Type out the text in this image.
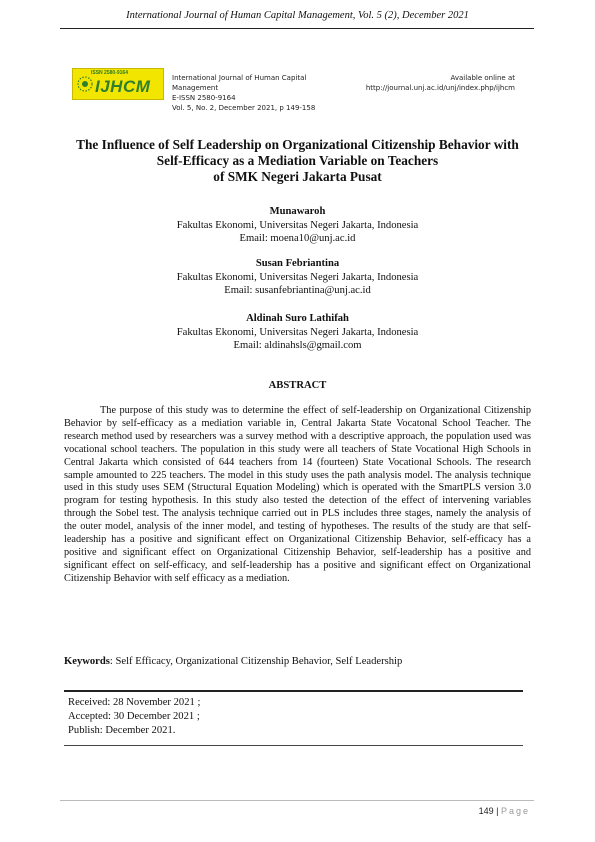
International Journal of Human Capital Management, Vol. 5 (2), December 2021
ISSN 2580-9164
IJHCM	International Journal of Human Capital
Management
E-ISSN 2580-9164
Vol. 5, No. 2, December 2021, p 149-158
Available online at
http://journal.unj.ac.id/unj/index.php/ijhcm
The Influence of Self Leadership on Organizational Citizenship Behavior with
Self-Efficacy as a Mediation Variable on Teachers
of SMK Negeri Jakarta Pusat
Munawaroh
Fakultas Ekonomi, Universitas Negeri Jakarta, Indonesia
Email: moena10@unj.ac.id
Susan Febriantina
Fakultas Ekonomi, Universitas Negeri Jakarta, Indonesia
Email: susanfebriantina@unj.ac.id
Aldinah Suro Lathifah
Fakultas Ekonomi, Universitas Negeri Jakarta, Indonesia
Email: aldinahsls@gmail.com
ABSTRACT
The purpose of this study was to determine the effect of self-leadership on Organizational Citizenship Behavior by self-efficacy as a mediation variable in, Central Jakarta State Vocatonal School Teacher. The research method used by researchers was a survey method with a descriptive approach, the population used was vocational school teachers. The population in this study were all teachers of State Vocational High Schools in Central Jakarta which consisted of 644 teachers from 14 (fourteen) State Vocational Schools. The research sample amounted to 225 teachers. The model in this study uses the path analysis model. The analysis technique used in this study uses SEM (Structural Equation Modeling) which is operated with the SmartPLS version 3.0 program for testing hypothesis. In this study also tested the detection of the effect of intervening variables through the Sobel test. The analysis technique carried out in PLS includes three stages, namely the analysis of the outer model, analysis of the inner model, and testing of hypotheses. The results of the study are that self-leadership has a positive and significant effect on Organizational Citizenship Behavior, self-efficacy has a positive and significant effect on Organizational Citizenship Behavior, self-leadership has a positive and significant effect on self-efficacy, and self-leadership has a positive and significant effect on Organizational Citizenship Behavior with self efficacy as a mediation.
Keywords: Self Efficacy, Organizational Citizenship Behavior, Self Leadership
Received: 28 November 2021 ;
Accepted: 30 December 2021 ;
Publish: December 2021.
149 | Page
